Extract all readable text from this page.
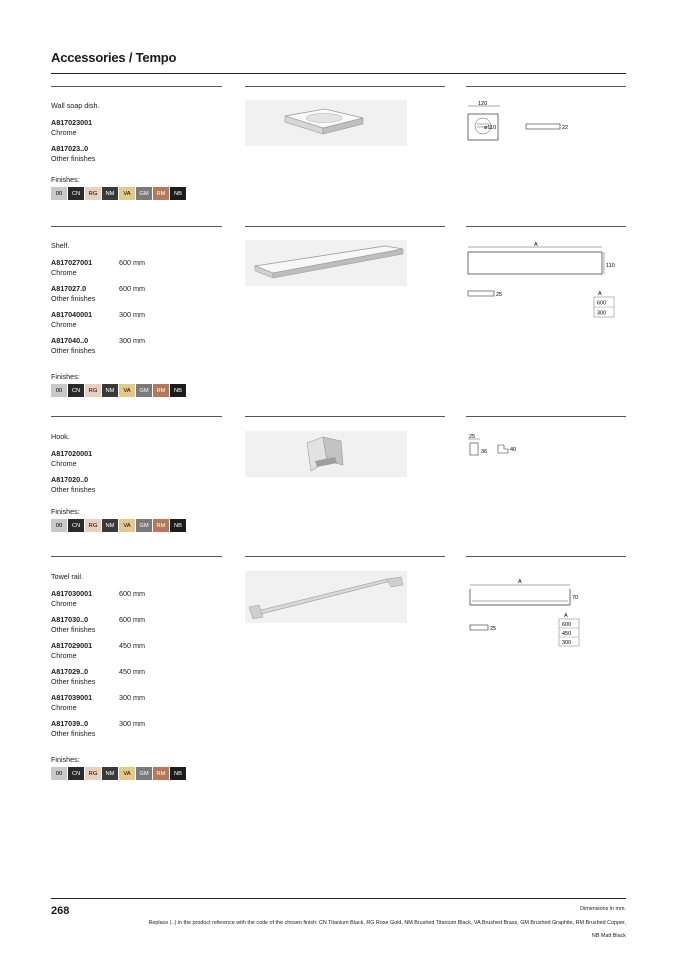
Accessories / Tempo
Wall soap dish.
A817023001
Chrome
A817023..0
Other finishes
Finishes:
00	CN	RG	NM	VA	GM	RM	NB
Shelf.
A817027001
Chrome
600 mm
A817027.0
Other finishes
600 mm
A817040001
Chrome
300 mm
A817040..0
Other finishes
300 mm
Finishes:
00	CN	RG	NM	VA	GM	RM	NB
Hook.
A817020001
Chrome
A817020..0
Other finishes
Finishes:
00	CN	RG	NM	VA	GM	RM	NB
Towel rail.
A817030001
Chrome
600 mm
A817030..0
Other finishes
600 mm
A817029001
Chrome
450 mm
A817029..0
Other finishes
450 mm
A817039001
Chrome
300 mm
A817039..0
Other finishes
300 mm
Finishes:
00	CN	RG	NM	VA	GM	RM	NB
120
ø110	22
A
110
25	A
600
300
25
36	40
A
70
25
A
600
450
300
268	Dimensions in mm.
Replace (..) in the product reference with the code of the chosen finish: CN Titanium Black, RG Rose Gold, NM Brushed Titanium Black, VA Brushed Brass, GM Brushed Graphite, RM Brushed Copper,
NB Matt Black
